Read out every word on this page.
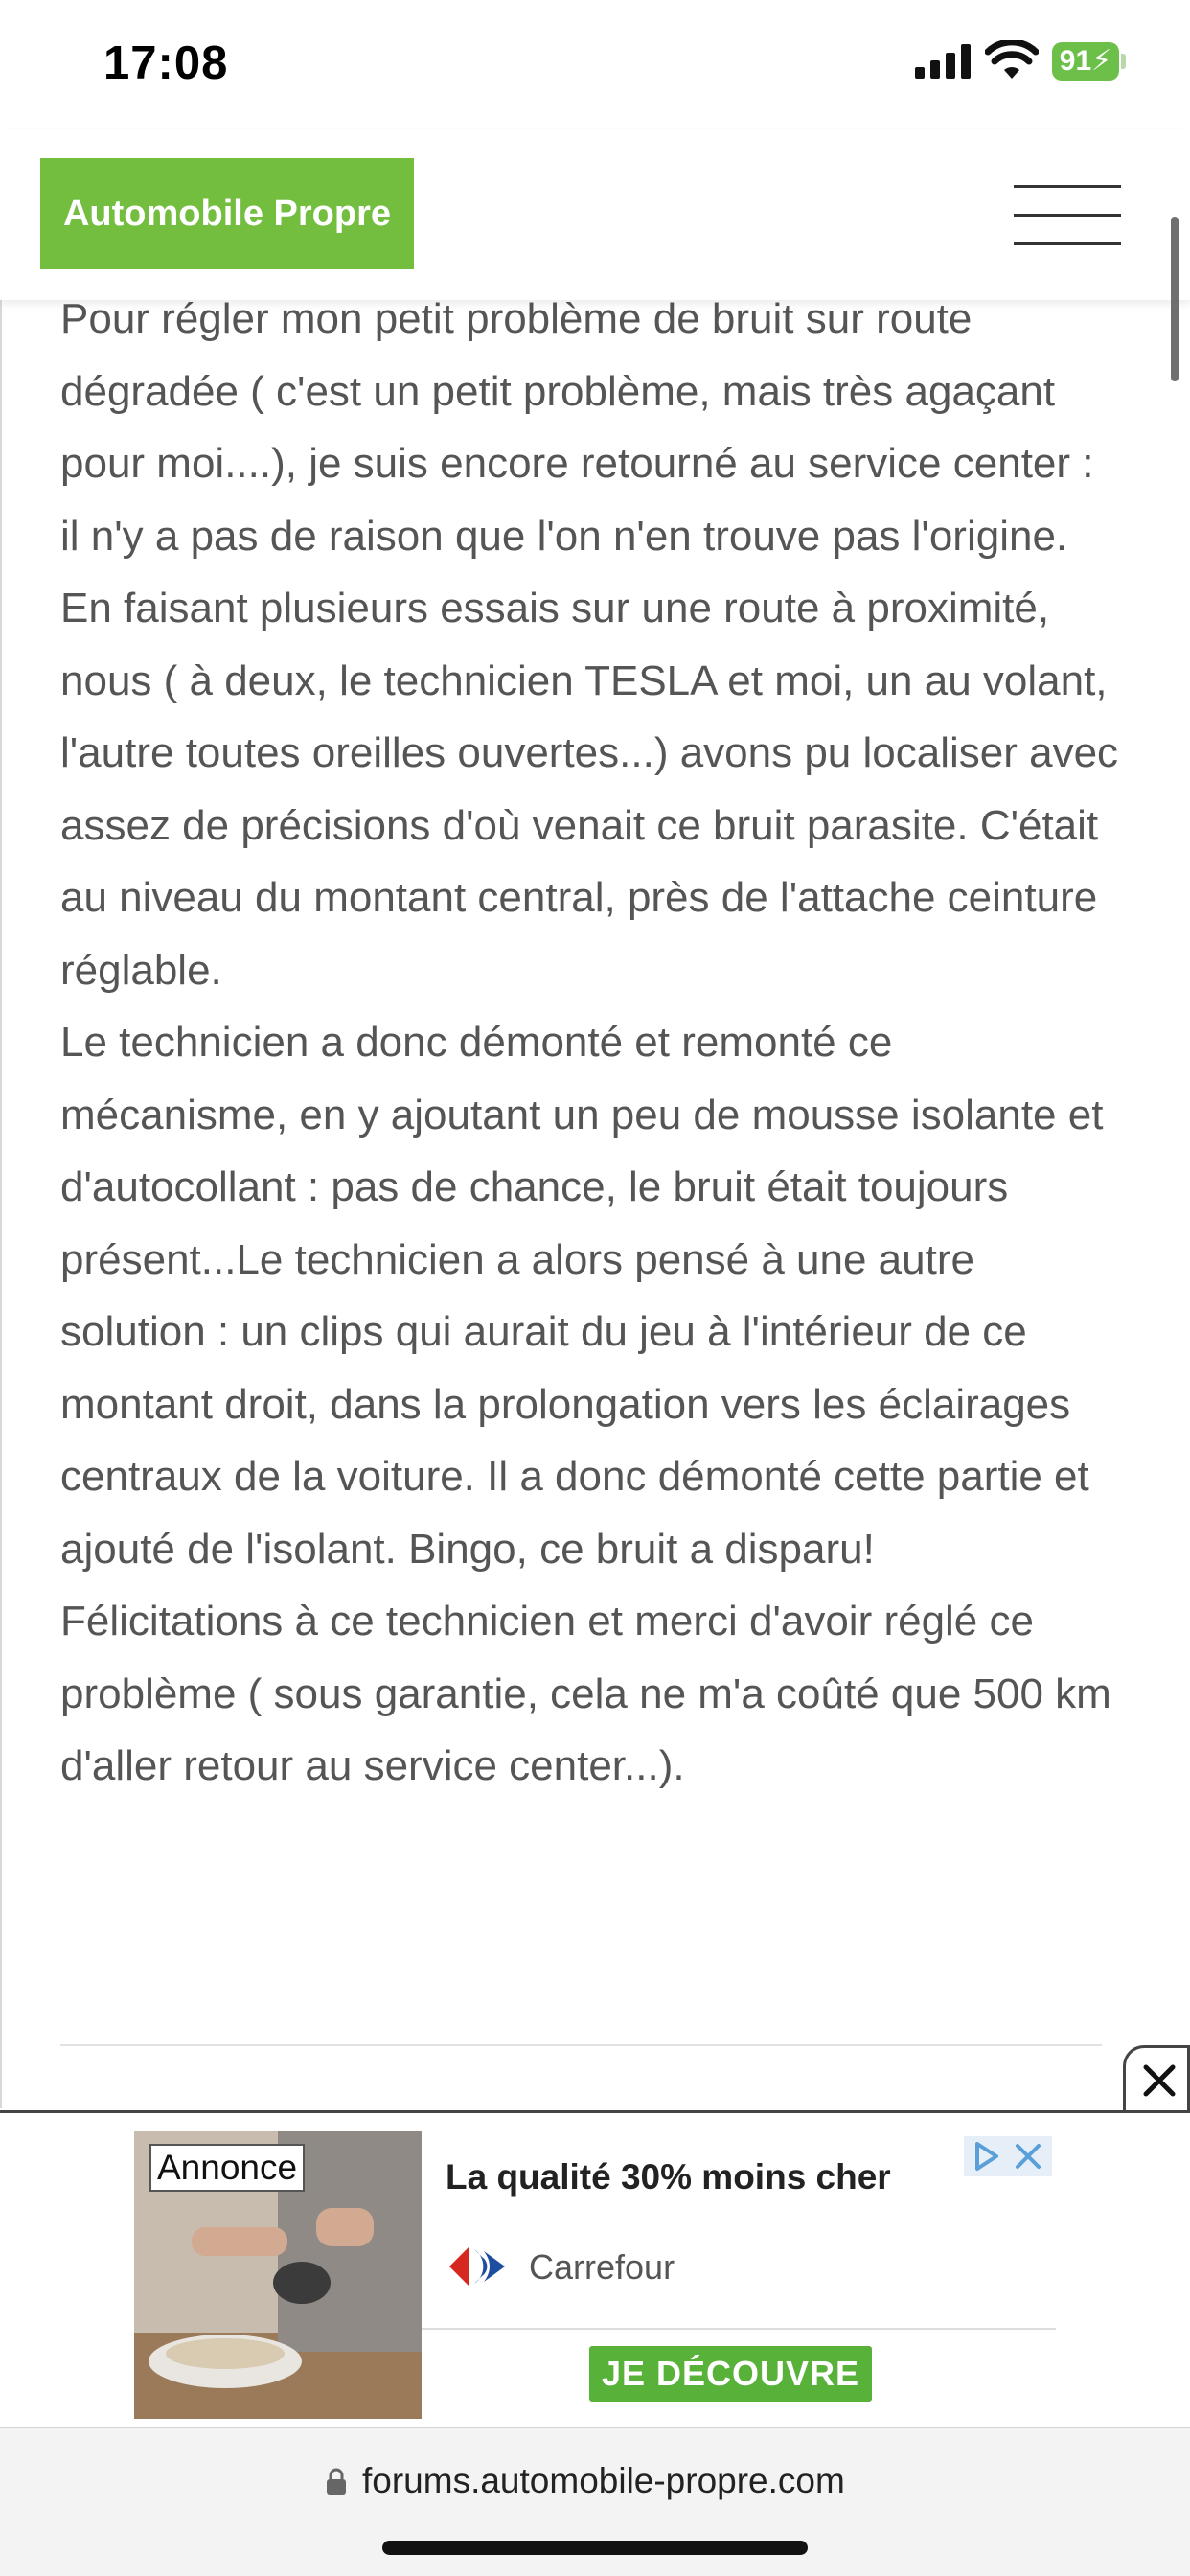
17:08	91⚡
Automobile Propre

Pour régler mon petit problème de bruit sur route dégradée ( c'est un petit problème, mais très agaçant pour moi....), je suis encore retourné au service center : il n'y a pas de raison que l'on n'en trouve pas l'origine.

En faisant plusieurs essais sur une route à proximité, nous ( à deux, le technicien TESLA et moi, un au volant, l'autre toutes oreilles ouvertes...) avons pu localiser avec assez de précisions d'où venait ce bruit parasite. C'était au niveau du montant central, près de l'attache ceinture réglable.

Le technicien a donc démonté et remonté ce mécanisme, en y ajoutant un peu de mousse isolante et d'autocollant : pas de chance, le bruit était toujours présent...Le technicien a alors pensé à une autre solution : un clips qui aurait du jeu à l'intérieur de ce montant droit, dans la prolongation vers les éclairages centraux de la voiture. Il a donc démonté cette partie et ajouté de l'isolant. Bingo, ce bruit a disparu!

Félicitations à ce technicien et merci d'avoir réglé ce problème ( sous garantie, cela ne m'a coûté que 500 km d'aller retour au service center...).

Annonce	La qualité 30% moins cher
Carrefour
JE DÉCOUVRE
forums.automobile-propre.com
